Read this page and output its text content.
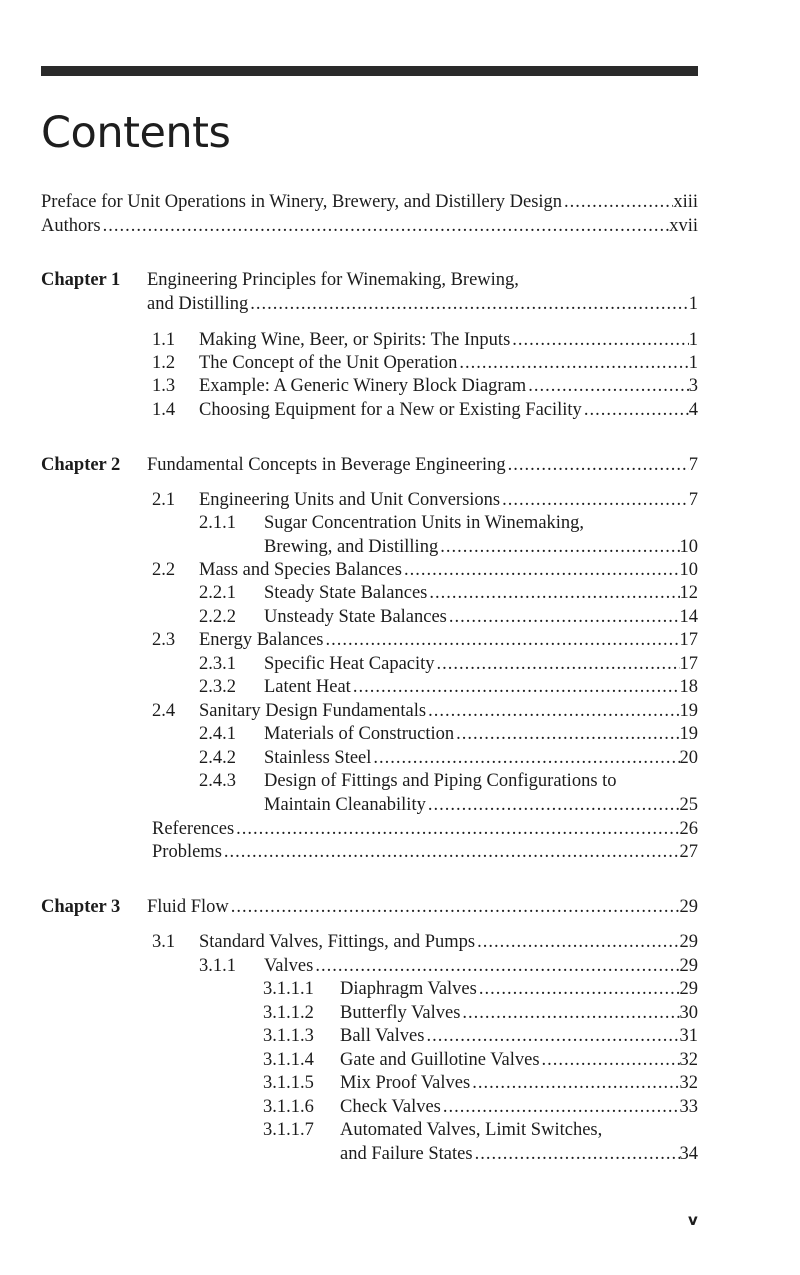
Contents
Preface for Unit Operations in Winery, Brewery, and Distillery Design .....	xiii
Authors .....	xvii
Chapter 1 Engineering Principles for Winemaking, Brewing,
and Distilling .....	1
1.1 Making Wine, Beer, or Spirits: The Inputs .....	1
1.2 The Concept of the Unit Operation .....	1
1.3 Example: A Generic Winery Block Diagram .....	3
1.4 Choosing Equipment for a New or Existing Facility .....	4
Chapter 2 Fundamental Concepts in Beverage Engineering .....	7
2.1 Engineering Units and Unit Conversions .....	7
2.1.1 Sugar Concentration Units in Winemaking,
Brewing, and Distilling .....	10
2.2 Mass and Species Balances .....	10
2.2.1 Steady State Balances .....	12
2.2.2 Unsteady State Balances .....	14
2.3 Energy Balances .....	17
2.3.1 Specific Heat Capacity .....	17
2.3.2 Latent Heat .....	18
2.4 Sanitary Design Fundamentals .....	19
2.4.1 Materials of Construction .....	19
2.4.2 Stainless Steel .....	20
2.4.3 Design of Fittings and Piping Configurations to
Maintain Cleanability .....	25
References .....	26
Problems .....	27
Chapter 3 Fluid Flow .....	29
3.1 Standard Valves, Fittings, and Pumps .....	29
3.1.1 Valves .....	29
3.1.1.1 Diaphragm Valves .....	29
3.1.1.2 Butterfly Valves .....	30
3.1.1.3 Ball Valves .....	31
3.1.1.4 Gate and Guillotine Valves .....	32
3.1.1.5 Mix Proof Valves .....	32
3.1.1.6 Check Valves .....	33
3.1.1.7 Automated Valves, Limit Switches,
and Failure States .....	34
v
